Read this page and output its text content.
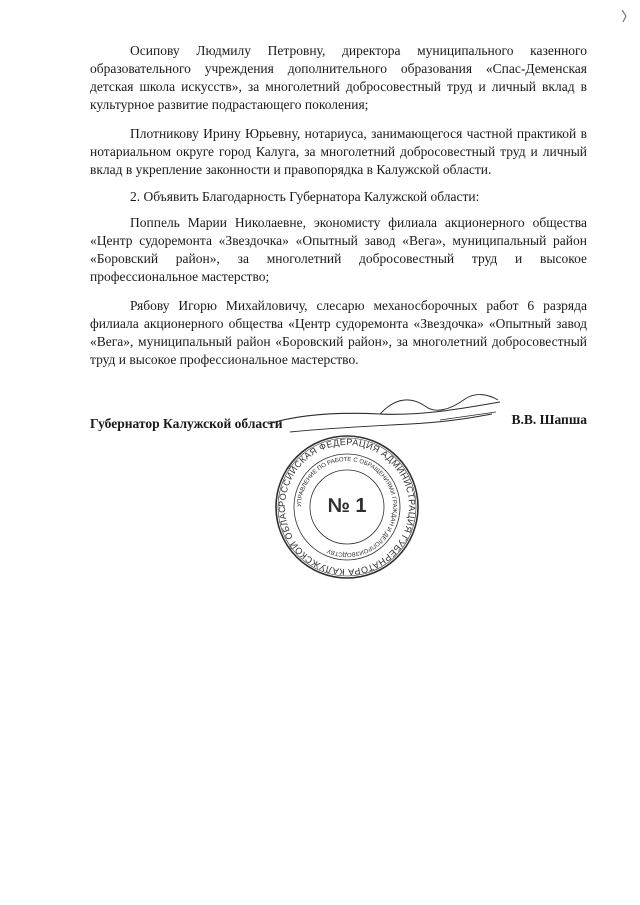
Осипову Людмилу Петровну, директора муниципального казенного образовательного учреждения дополнительного образования «Спас-Деменская детская школа искусств», за многолетний добросовестный труд и личный вклад в культурное развитие подрастающего поколения;

Плотникову Ирину Юрьевну, нотариуса, занимающегося частной практикой в нотариальном округе город Калуга, за многолетний добросовестный труд и личный вклад в укрепление законности и правопорядка в Калужской области.

2. Объявить Благодарность Губернатора Калужской области:

Поппель Марии Николаевне, экономисту филиала акционерного общества «Центр судоремонта «Звездочка» «Опытный завод «Вега», муниципальный район «Боровский район», за многолетний добросовестный труд и высокое профессиональное мастерство;

Рябову Игорю Михайловичу, слесарю механосборочных работ 6 разряда филиала акционерного общества «Центр судоремонта «Звездочка» «Опытный завод «Вега», муниципальный район «Боровский район», за многолетний добросовестный труд и высокое профессиональное мастерство.

Губернатор Калужской области	В.В. Шапша
РОССИЙСКАЯ ФЕДЕРАЦИЯ АДМИНИСТРАЦИЯ ГУБЕРНАТОРА КАЛУЖСКОЙ ОБЛАС
УПРАВЛЕНИЕ ПО РАБОТЕ С ОБРАЩЕНИЯМИ ГРАЖДАН И ДЕЛОПРОИЗВОДСТВУ
№ 1
